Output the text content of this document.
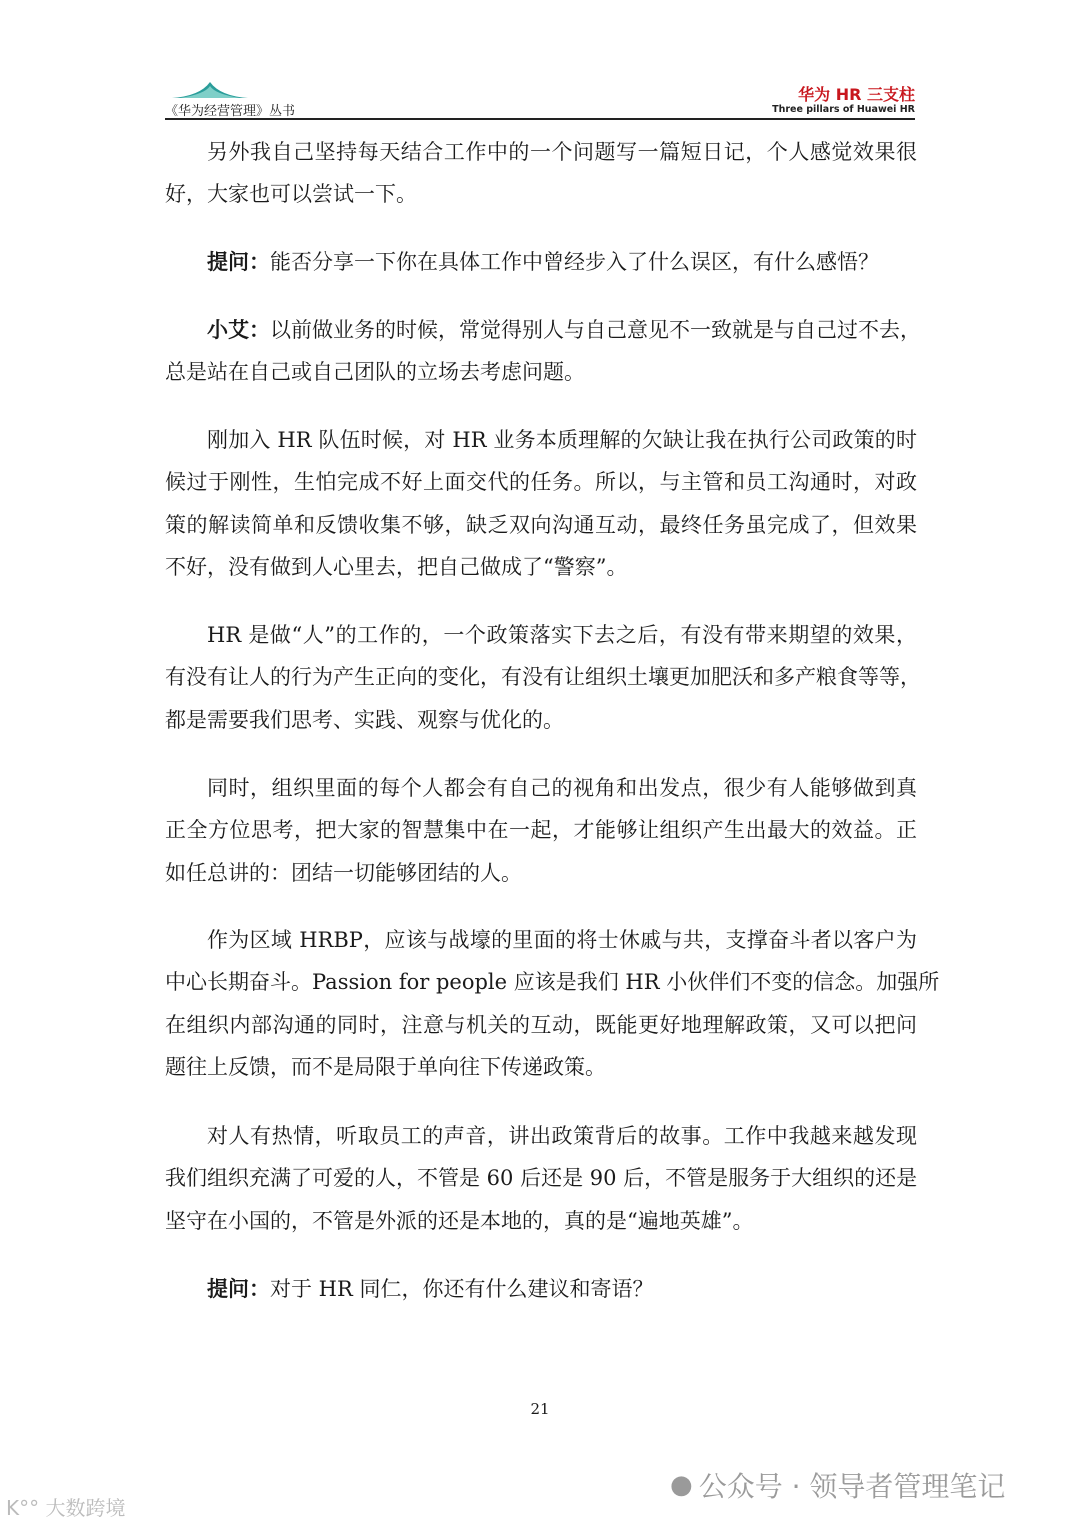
《华为经营管理》丛书
华为 HR 三支柱
Three pillars of Huawei HR
另外我自己坚持每天结合工作中的一个问题写一篇短日记，个人感觉效果很
好，大家也可以尝试一下。
提问：能否分享一下你在具体工作中曾经步入了什么误区，有什么感悟？
小艾：以前做业务的时候，常觉得别人与自己意见不一致就是与自己过不去，
总是站在自己或自己团队的立场去考虑问题。
刚加入 HR 队伍时候，对 HR 业务本质理解的欠缺让我在执行公司政策的时
候过于刚性，生怕完成不好上面交代的任务。所以，与主管和员工沟通时，对政
策的解读简单和反馈收集不够，缺乏双向沟通互动，最终任务虽完成了，但效果
不好，没有做到人心里去，把自己做成了“警察”。
HR 是做“人”的工作的，一个政策落实下去之后，有没有带来期望的效果，
有没有让人的行为产生正向的变化，有没有让组织土壤更加肥沃和多产粮食等等，
都是需要我们思考、实践、观察与优化的。
同时，组织里面的每个人都会有自己的视角和出发点，很少有人能够做到真
正全方位思考，把大家的智慧集中在一起，才能够让组织产生出最大的效益。正
如任总讲的：团结一切能够团结的人。
作为区域 HRBP，应该与战壕的里面的将士休戚与共，支撑奋斗者以客户为
中心长期奋斗。Passion for people 应该是我们 HR 小伙伴们不变的信念。加强所
在组织内部沟通的同时，注意与机关的互动，既能更好地理解政策，又可以把问
题往上反馈，而不是局限于单向往下传递政策。
对人有热情，听取员工的声音，讲出政策背后的故事。工作中我越来越发现
我们组织充满了可爱的人，不管是 60 后还是 90 后，不管是服务于大组织的还是
坚守在小国的，不管是外派的还是本地的，真的是“遍地英雄”。
提问：对于 HR 同仁，你还有什么建议和寄语？
21
● 公众号 · 领导者管理笔记
K°° 大数跨境
